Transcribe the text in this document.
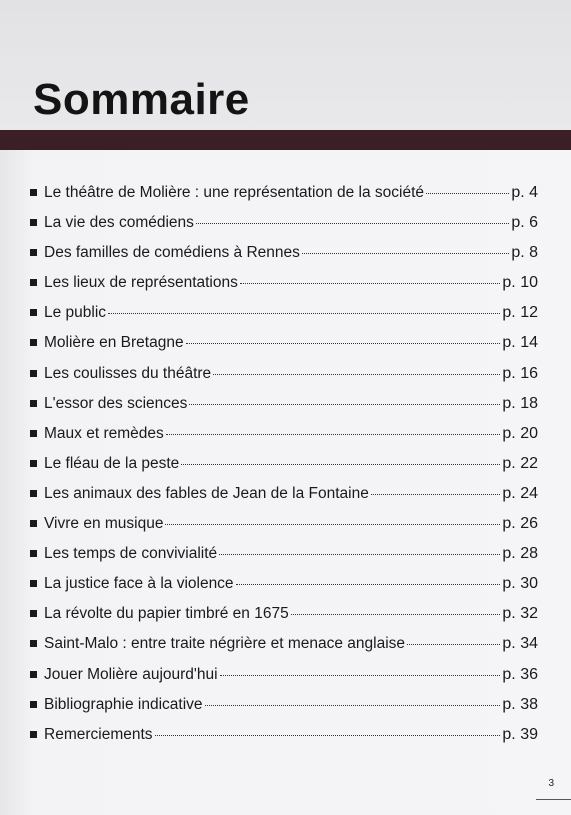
Sommaire
Le théâtre de Molière : une représentation de la société	p. 4
La vie des comédiens	p. 6
Des familles de comédiens à Rennes	p. 8
Les lieux de représentations	p. 10
Le public	p. 12
Molière en Bretagne	p. 14
Les coulisses du théâtre	p. 16
L'essor des sciences	p. 18
Maux et remèdes	p. 20
Le fléau de la peste	p. 22
Les animaux des fables de Jean de la Fontaine	p. 24
Vivre en musique	p. 26
Les temps de convivialité	p. 28
La justice face à la violence	p. 30
La révolte du papier timbré en 1675	p. 32
Saint-Malo : entre traite négrière et menace anglaise	p. 34
Jouer Molière aujourd'hui	p. 36
Bibliographie indicative	p. 38
Remerciements	p. 39
3
